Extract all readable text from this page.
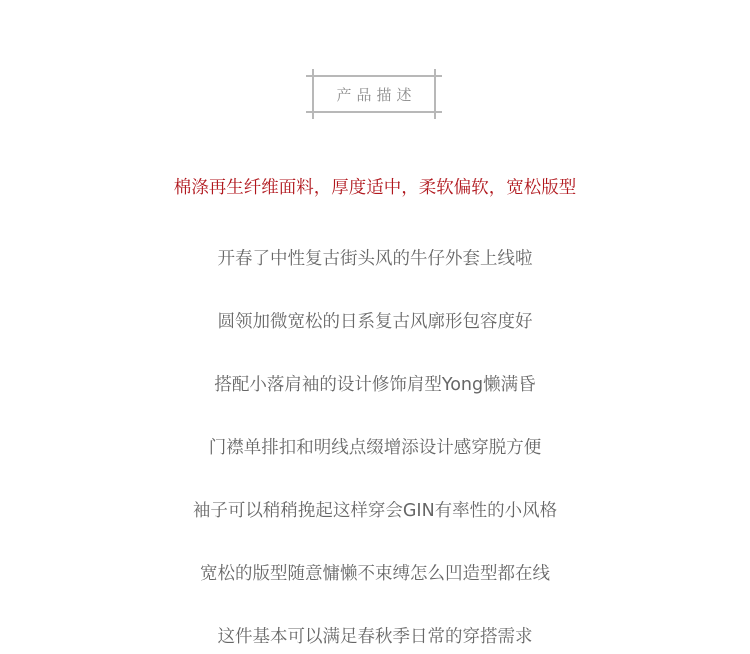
产品描述
棉涤再生纤维面料，厚度适中，柔软偏软，宽松版型
开春了中性复古街头风的牛仔外套上线啦
圆领加微宽松的日系复古风廓形包容度好
搭配小落肩袖的设计修饰肩型Yong懒满昏
门襟单排扣和明线点缀增添设计感穿脱方便
袖子可以稍稍挽起这样穿会GIN有率性的小风格
宽松的版型随意慵懒不束缚怎么凹造型都在线
这件基本可以满足春秋季日常的穿搭需求
